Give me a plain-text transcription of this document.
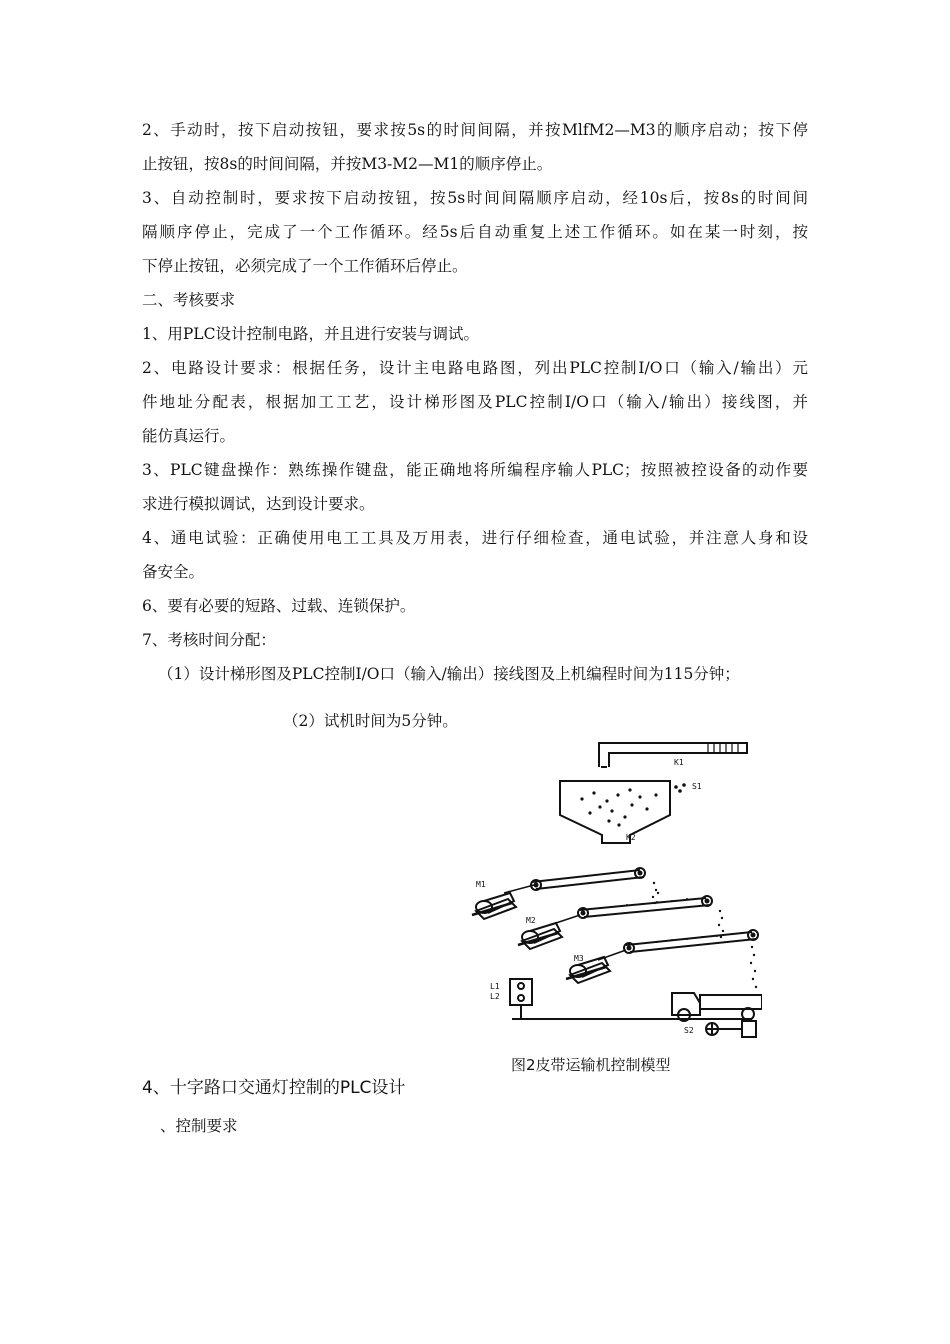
2、手动时，按下启动按钮，要求按5s的时间间隔，并按MlfM2—M3的顺序启动；按下停
止按钮，按8s的时间间隔，并按M3-M2—M1的顺序停止。
3、自动控制时，要求按下启动按钮，按5s时间间隔顺序启动，经10s后，按8s的时间间
隔顺序停止，完成了一个工作循环。经5s后自动重复上述工作循环。如在某一时刻，按
下停止按钮，必须完成了一个工作循环后停止。
二、考核要求
1、用PLC设计控制电路，并且进行安装与调试。
2、电路设计要求：根据任务，设计主电路电路图，列出PLC控制I/O口（输入/输出）元
件地址分配表，根据加工工艺，设计梯形图及PLC控制I/O口（输入/输出）接线图，并
能仿真运行。
3、PLC键盘操作：熟练操作键盘，能正确地将所编程序输人PLC；按照被控设备的动作要
求进行模拟调试，达到设计要求。
4、通电试验：正确使用电工工具及万用表，进行仔细检查，通电试验，并注意人身和设
备安全。
6、要有必要的短路、过载、连锁保护。
7、考核时间分配：
（1）设计梯形图及PLC控制I/O口（输入/输出）接线图及上机编程时间为115分钟；
（2）试机时间为5分钟。
K1
S1
K2
M1
M2
M3
L1
L2
S2
图2皮带运输机控制模型
4、十字路口交通灯控制的PLC设计
、控制要求
